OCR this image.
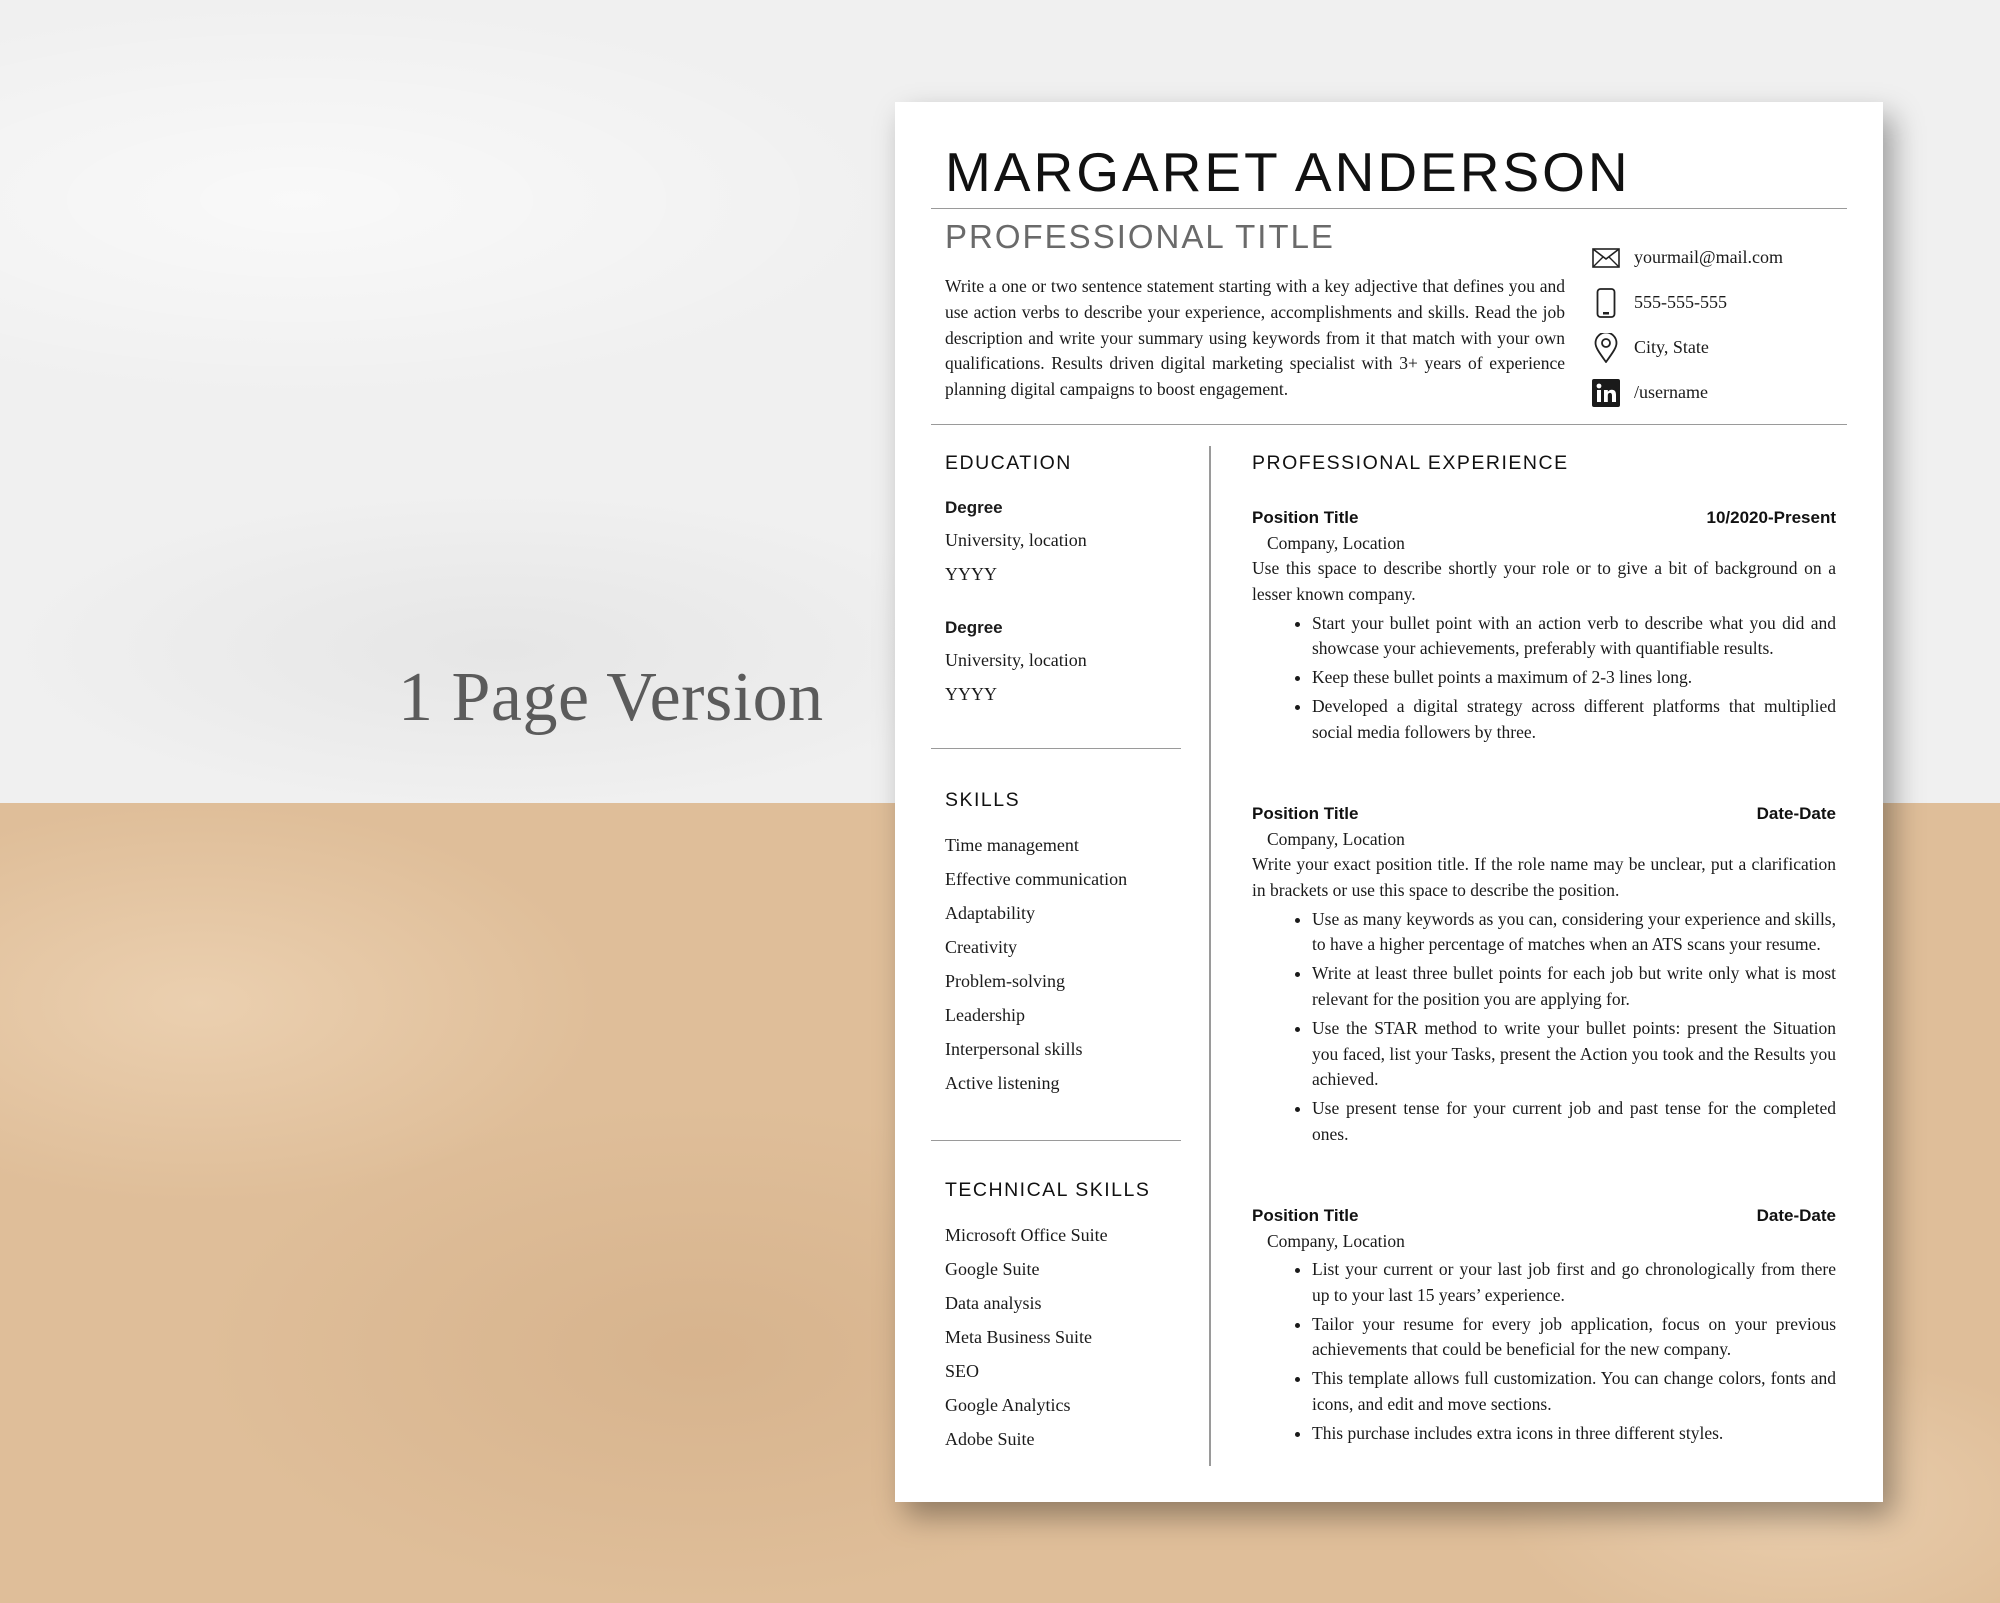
1 Page Version
MARGARET ANDERSON
PROFESSIONAL TITLE
Write a one or two sentence statement starting with a key adjective that defines you and use action verbs to describe your experience, accomplishments and skills. Read the job description and write your summary using keywords from it that match with your own qualifications. Results driven digital marketing specialist with 3+ years of experience planning digital campaigns to boost engagement.
yourmail@mail.com
555-555-555
City, State
/username
EDUCATION
Degree
University, location
YYYY
Degree
University, location
YYYY
SKILLS
Time management
Effective communication
Adaptability
Creativity
Problem-solving
Leadership
Interpersonal skills
Active listening
TECHNICAL SKILLS
Microsoft Office Suite
Google Suite
Data analysis
Meta Business Suite
SEO
Google Analytics
Adobe Suite
PROFESSIONAL EXPERIENCE
Position Title	10/2020-Present
Company, Location
Use this space to describe shortly your role or to give a bit of background on a lesser known company.
• Start your bullet point with an action verb to describe what you did and showcase your achievements, preferably with quantifiable results.
• Keep these bullet points a maximum of 2-3 lines long.
• Developed a digital strategy across different platforms that multiplied social media followers by three.
Position Title	Date-Date
Company, Location
Write your exact position title. If the role name may be unclear, put a clarification in brackets or use this space to describe the position.
• Use as many keywords as you can, considering your experience and skills, to have a higher percentage of matches when an ATS scans your resume.
• Write at least three bullet points for each job but write only what is most relevant for the position you are applying for.
• Use the STAR method to write your bullet points: present the Situation you faced, list your Tasks, present the Action you took and the Results you achieved.
• Use present tense for your current job and past tense for the completed ones.
Position Title	Date-Date
Company, Location
• List your current or your last job first and go chronologically from there up to your last 15 years’ experience.
• Tailor your resume for every job application, focus on your previous achievements that could be beneficial for the new company.
• This template allows full customization. You can change colors, fonts and icons, and edit and move sections.
• This purchase includes extra icons in three different styles.
